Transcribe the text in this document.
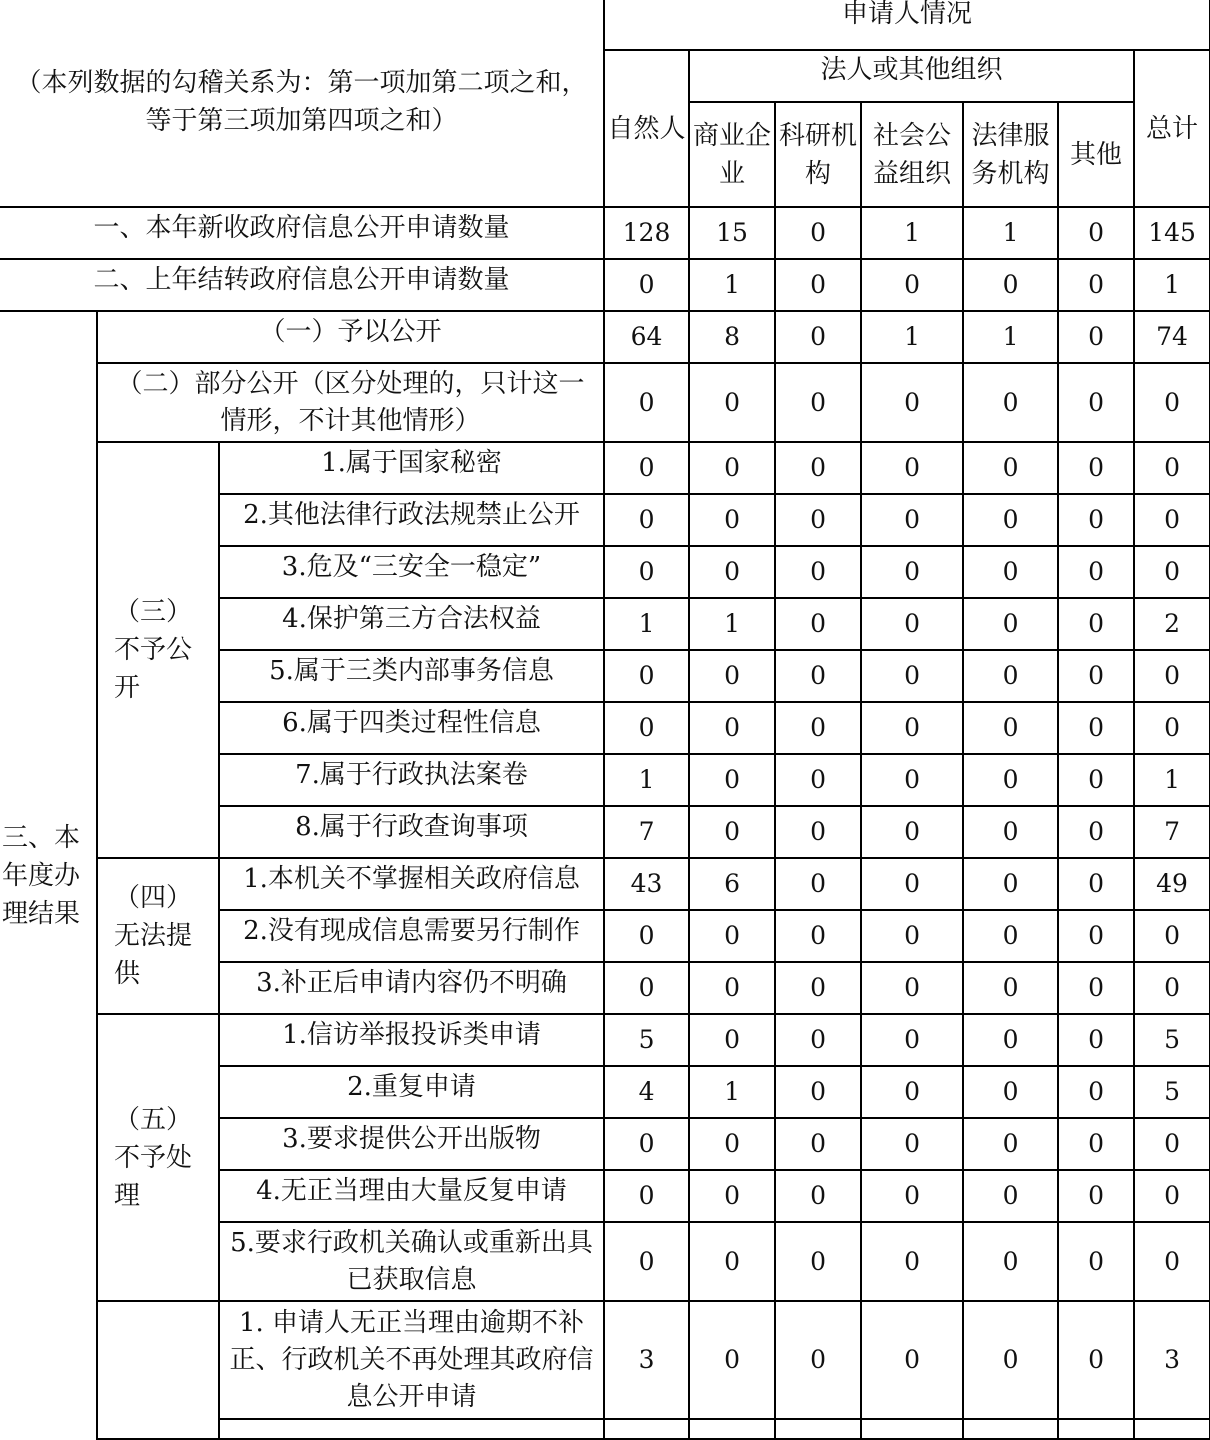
（本列数据的勾稽关系为：第一项加第二项之和，等于第三项加第四项之和）			申请人情况						
			自然人	法人或其他组织					总计
				商业企业	科研机构	社会公益组织	法律服务机构	其他	
一、本年新收政府信息公开申请数量			128	15	0	1	1	0	145
二、上年结转政府信息公开申请数量			0	1	0	0	0	0	1
三、本年度办理结果	（一）予以公开		64	8	0	1	1	0	74
	（二）部分公开（区分处理的，只计这一情形，不计其他情形）		0	0	0	0	0	0	0
	（三）不予公开	1.属于国家秘密	0	0	0	0	0	0	0
		2.其他法律行政法规禁止公开	0	0	0	0	0	0	0
		3.危及“三安全一稳定”	0	0	0	0	0	0	0
		4.保护第三方合法权益	1	1	0	0	0	0	2
		5.属于三类内部事务信息	0	0	0	0	0	0	0
		6.属于四类过程性信息	0	0	0	0	0	0	0
		7.属于行政执法案卷	1	0	0	0	0	0	1
		8.属于行政查询事项	7	0	0	0	0	0	7
	（四）无法提供	1.本机关不掌握相关政府信息	43	6	0	0	0	0	49
		2.没有现成信息需要另行制作	0	0	0	0	0	0	0
		3.补正后申请内容仍不明确	0	0	0	0	0	0	0
	（五）不予处理	1.信访举报投诉类申请	5	0	0	0	0	0	5
		2.重复申请	4	1	0	0	0	0	5
		3.要求提供公开出版物	0	0	0	0	0	0	0
		4.无正当理由大量反复申请	0	0	0	0	0	0	0
		5.要求行政机关确认或重新出具已获取信息	0	0	0	0	0	0	0
		1. 申请人无正当理由逾期不补正、行政机关不再处理其政府信息公开申请	3	0	0	0	0	0	3
